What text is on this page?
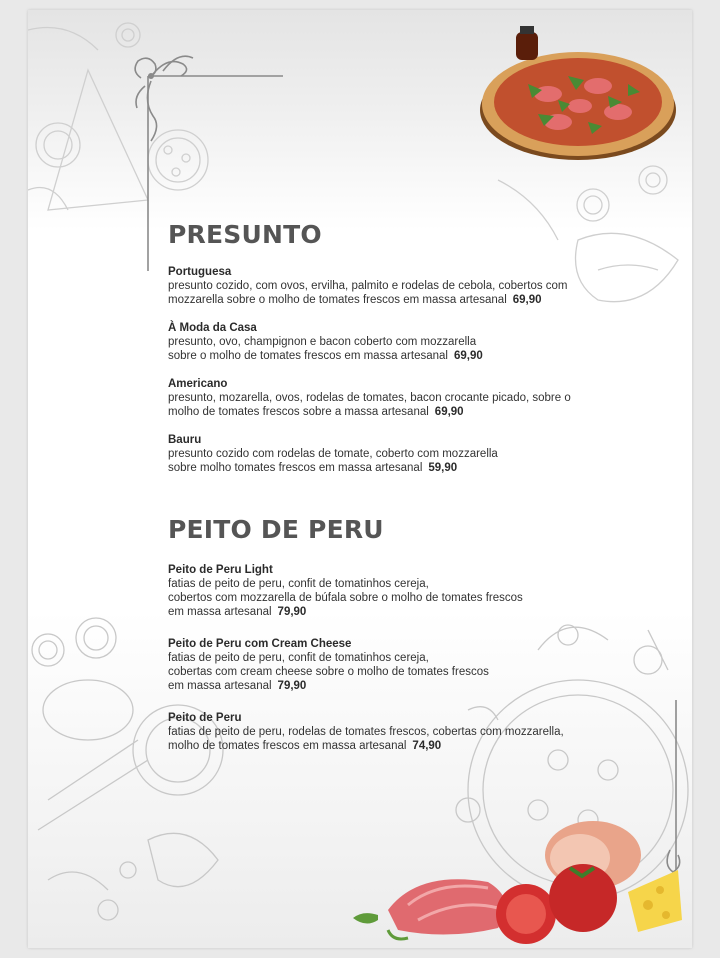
PRESUNTO
Portuguesa
presunto cozido, com ovos, ervilha, palmito e rodelas de cebola, cobertos com
mozzarella sobre o molho de tomates frescos em massa artesanal 69,90
À Moda da Casa
presunto, ovo, champignon e bacon coberto com mozzarella
sobre o molho de tomates frescos em massa artesanal 69,90
Americano
presunto, mozarella, ovos, rodelas de tomates, bacon crocante picado, sobre o
molho de tomates frescos sobre a massa artesanal 69,90
Bauru
presunto cozido com rodelas de tomate, coberto com mozzarella
sobre molho tomates frescos em massa artesanal 59,90
PEITO DE PERU
Peito de Peru Light
fatias de peito de peru, confit de tomatinhos cereja,
cobertos com mozzarella de búfala sobre o molho de tomates frescos
em massa artesanal 79,90
Peito de Peru com Cream Cheese
fatias de peito de peru, confit de tomatinhos cereja,
cobertas com cream cheese sobre o molho de tomates frescos
em massa artesanal 79,90
Peito de Peru
fatias de peito de peru, rodelas de tomates frescos, cobertas com mozzarella,
molho de tomates frescos em massa artesanal 74,90
